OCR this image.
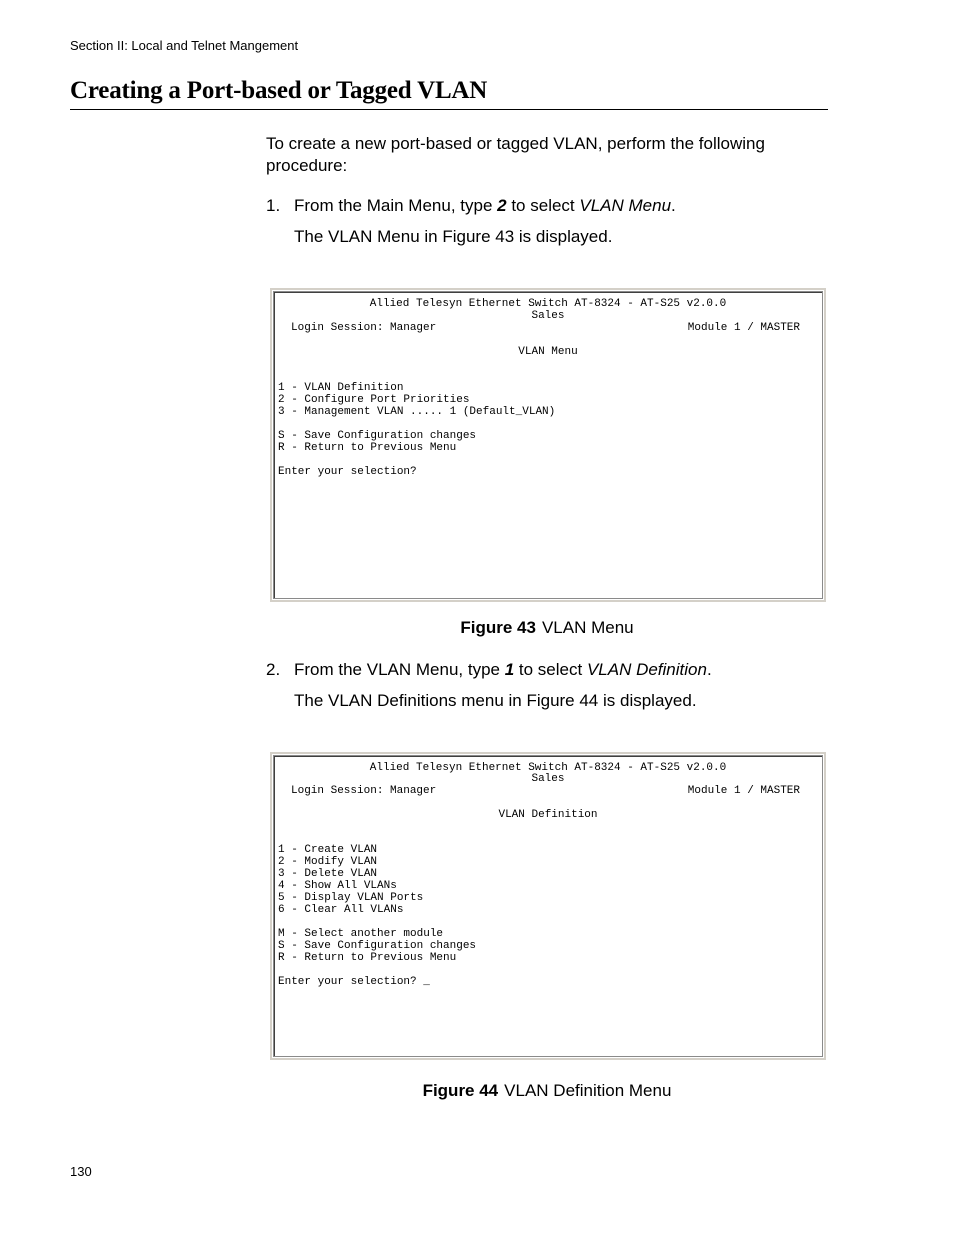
Section II: Local and Telnet Mangement
Creating a Port-based or Tagged VLAN
To create a new port-based or tagged VLAN, perform the following procedure:
1. From the Main Menu, type 2 to select VLAN Menu.
The VLAN Menu in Figure 43 is displayed.
Allied Telesyn Ethernet Switch AT-8324 - AT-S25 v2.0.0
Sales
Login Session: Manager	Module 1 / MASTER
VLAN Menu
1 - VLAN Definition
2 - Configure Port Priorities
3 - Management VLAN ..... 1 (Default_VLAN)
S - Save Configuration changes
R - Return to Previous Menu
Enter your selection?
Figure 43 VLAN Menu
2. From the VLAN Menu, type 1 to select VLAN Definition.
The VLAN Definitions menu in Figure 44 is displayed.
Allied Telesyn Ethernet Switch AT-8324 - AT-S25 v2.0.0
Sales
Login Session: Manager	Module 1 / MASTER
VLAN Definition
1 - Create VLAN
2 - Modify VLAN
3 - Delete VLAN
4 - Show All VLANs
5 - Display VLAN Ports
6 - Clear All VLANs
M - Select another module
S - Save Configuration changes
R - Return to Previous Menu
Enter your selection? _
Figure 44 VLAN Definition Menu
130
